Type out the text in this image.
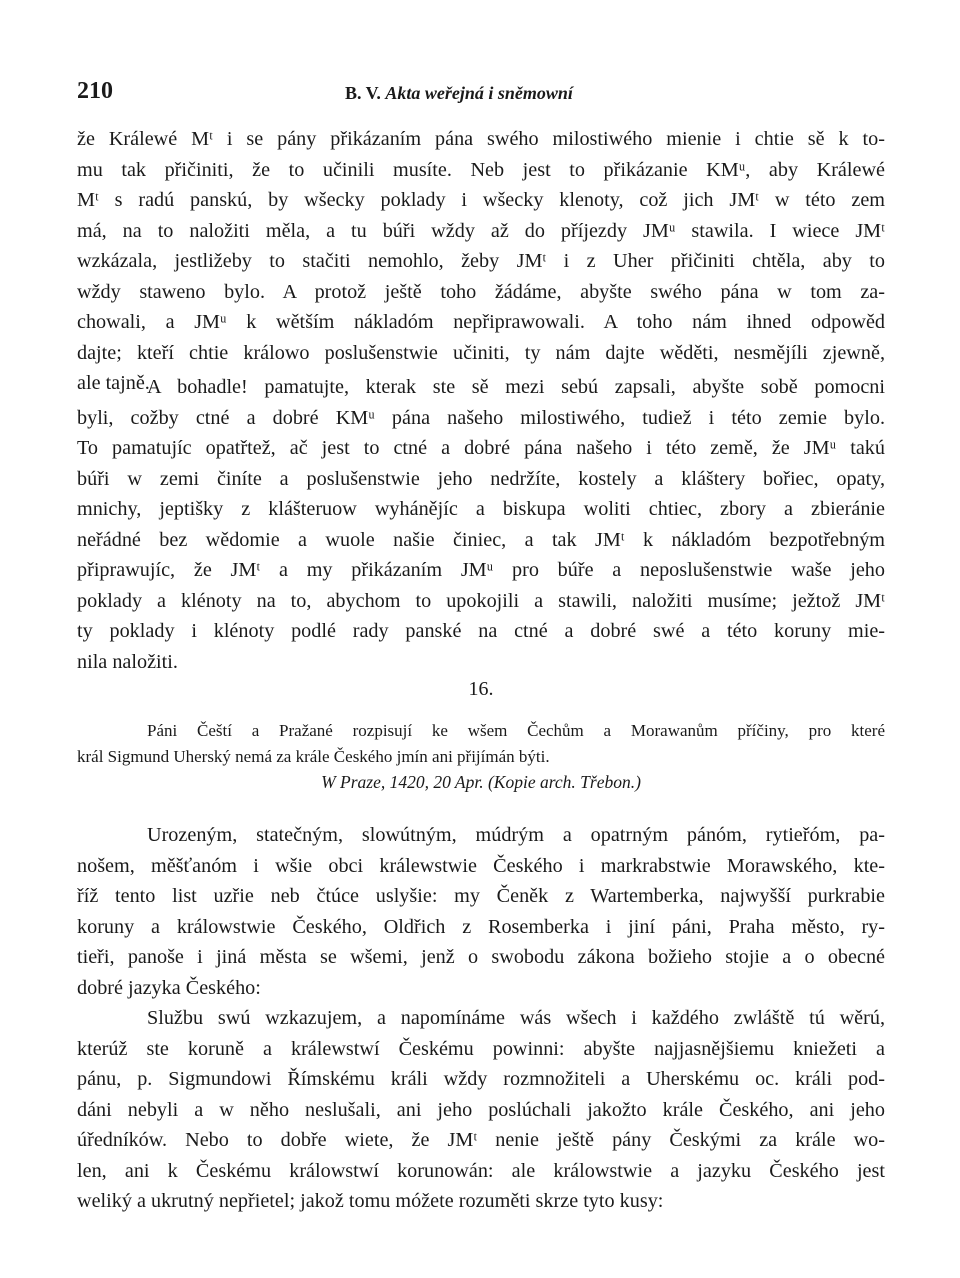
210	B. V. Akta weřejná i sněmowní
že Králewé Mᵗ i se pány přikázaním pána swého milostiwého mienie i chtie sě k to-
mu tak přičiniti, že to učinili musíte. Neb jest to přikázanie KMᵘ, aby Králewé
Mᵗ s radú panskú, by wšecky poklady i wšecky klenoty, což jich JMᵗ w této zem
má, na to naložiti měla, a tu búři wždy až do příjezdy JMᵘ stawila. I wiece JMᵗ
wzkázala, jestližeby to stačiti nemohlo, žeby JMᵗ i z Uher přičiniti chtěla, aby to
wždy staweno bylo. A protož ještě toho žádáme, abyšte swého pána w tom za-
chowali, a JMᵘ k wětším nákladóm nepřiprawowali. A toho nám ihned odpowěd
dajte; kteří chtie králowo poslušenstwie učiniti, ty nám dajte wěděti, nesmějíli zjewně,
ale tajně.
A bohadle! pamatujte, kterak ste sě mezi sebú zapsali, abyšte sobě pomocni
byli, cožby ctné a dobré KMᵘ pána našeho milostiwého, tudiež i této zemie bylo.
To pamatujíc opatřtež, ač jest to ctné a dobré pána našeho i této země, že JMᵘ takú
búři w zemi činíte a poslušenstwie jeho nedržíte, kostely a kláštery bořiec, opaty,
mnichy, jeptišky z klášteruow wyhánějíc a biskupa woliti chtiec, zbory a zbieránie
neřádné bez wědomie a wuole našie činiec, a tak JMᵗ k nákladóm bezpotřebným
připrawujíc, že JMᵗ a my přikázaním JMᵘ pro búře a neposlušenstwie waše jeho
poklady a klénoty na to, abychom to upokojili a stawili, naložiti musíme; ježtož JMᵗ
ty poklady i klénoty podlé rady panské na ctné a dobré swé a této koruny mie-
nila naložiti.
16.
Páni Čeští a Pražané rozpisují ke wšem Čechům a Morawanům příčiny, pro které
král Sigmund Uherský nemá za krále Českého jmín ani přijímán býti.
W Praze, 1420, 20 Apr. (Kopie arch. Třebon.)
Urozeným, statečným, slowútným, múdrým a opatrným pánóm, rytieřóm, pa-
nošem, měšťanóm i wšie obci králewstwie Českého i markrabstwie Morawského, kte-
říž tento list uzřie neb čtúce uslyšie: my Čeněk z Wartemberka, najwyšší purkrabie
koruny a králowstwie Českého, Oldřich z Rosemberka i jiní páni, Praha město, ry-
tieři, panoše i jiná města se wšemi, jenž o swobodu zákona božieho stojie a o obecné
dobré jazyka Českého:
Službu swú wzkazujem, a napomínáme wás wšech i každého zwláště tú wěrú,
kterúž ste koruně a králewstwí Českému powinni: abyšte najjasnějšiemu kniežeti a
pánu, p. Sigmundowi Římskému králi wždy rozmnožiteli a Uherskému oc. králi pod-
dáni nebyli a w něho neslušali, ani jeho poslúchali jakožto krále Českého, ani jeho
úředníków. Nebo to dobře wiete, že JMᵗ nenie ještě pány Českými za krále wo-
len, ani k Českému králowstwí korunowán: ale králowstwie a jazyku Českého jest
weliký a ukrutný nepřietel; jakož tomu móžete rozuměti skrze tyto kusy:
